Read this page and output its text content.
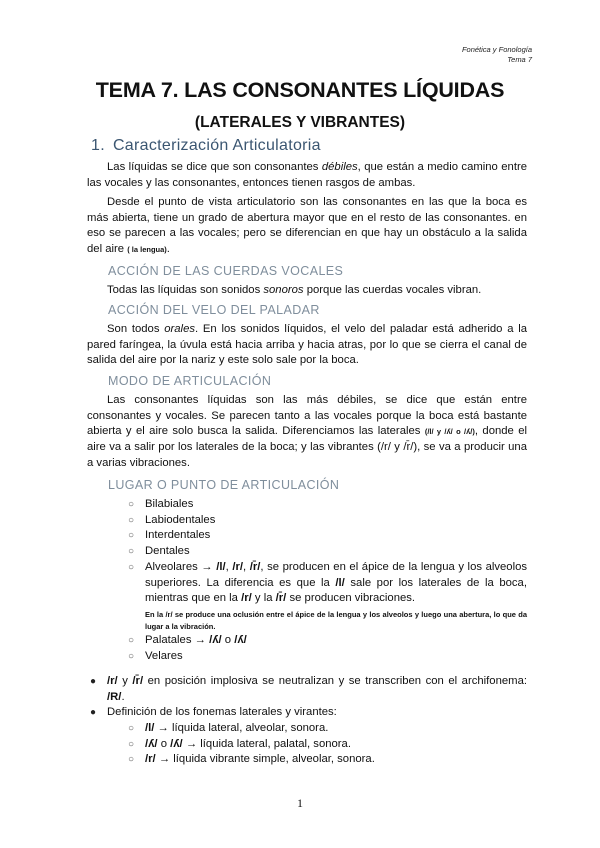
Fonética y Fonología
Tema 7
TEMA 7. LAS CONSONANTES LÍQUIDAS
(LATERALES Y VIBRANTES)
1. Caracterización Articulatoria
Las líquidas se dice que son consonantes débiles, que están a medio camino entre las vocales y las consonantes, entonces tienen rasgos de ambas.
Desde el punto de vista articulatorio son las consonantes en las que la boca es más abierta, tiene un grado de abertura mayor que en el resto de las consonantes. en eso se parecen a las vocales; pero se diferencian en que hay un obstáculo a la salida del aire ( la lengua).
ACCIÓN DE LAS CUERDAS VOCALES
Todas las líquidas son sonidos sonoros porque las cuerdas vocales vibran.
ACCIÓN DEL VELO DEL PALADAR
Son todos orales. En los sonidos líquidos, el velo del paladar está adherido a la pared faríngea, la úvula está hacia arriba y hacia atras, por lo que se cierra el canal de salida del aire por la nariz y este solo sale por la boca.
MODO DE ARTICULACIÓN
Las consonantes líquidas son las más débiles, se dice que están entre consonantes y vocales. Se parecen tanto a las vocales porque la boca está bastante abierta y el aire solo busca la salida. Diferenciamos las laterales (/l/ y /ʎ/ o /ʎ/), donde el aire va a salir por los laterales de la boca; y las vibrantes (/r/ y /r̄/), se va a producir una a varias vibraciones.
LUGAR O PUNTO DE ARTICULACIÓN
○ Bilabiales
○ Labiodentales
○ Interdentales
○ Dentales
○ Alveolares → /l/, /r/, /r̄/, se producen en el ápice de la lengua y los alveolos superiores. La diferencia es que la /l/ sale por los laterales de la boca, mientras que en la /r/ y la /r̄/ se producen vibraciones.
En la /r/ se produce una oclusión entre el ápice de la lengua y los alveolos y luego una abertura, lo que da lugar a la vibración.
○ Palatales → /ʎ/ o /ʎ/
○ Velares
● /r/ y /r̄/ en posición implosiva se neutralizan y se transcriben con el archifonema: /R/.
● Definición de los fonemas laterales y virantes:
○ /l/ → líquida lateral, alveolar, sonora.
○ /ʎ/ o /ʎ/ → líquida lateral, palatal, sonora.
○ /r/ → líquida vibrante simple, alveolar, sonora.
1
